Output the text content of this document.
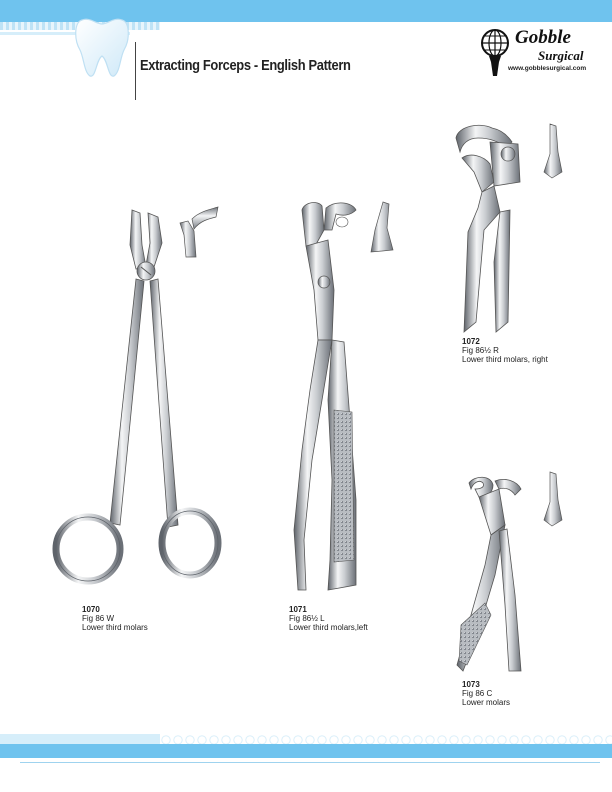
Extracting Forceps - English Pattern
Gobble
Surgical
www.gobblesurgical.com
1070
Fig 86 W
Lower third molars
1071
Fig 86½ L
Lower third molars,left
1072
Fig 86½ R
Lower third molars, right
1073
Fig 86 C
Lower molars
